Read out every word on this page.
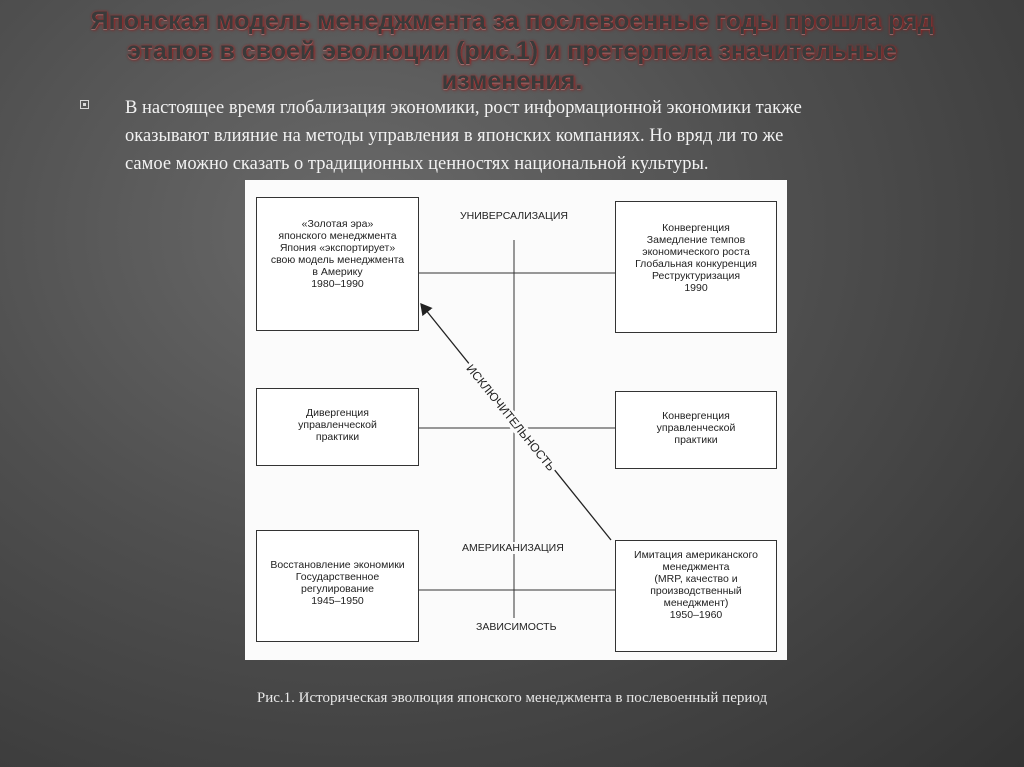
Японская модель менеджмента за послевоенные годы прошла ряд
этапов в своей эволюции (рис.1) и претерпела значительные
изменения.
В настоящее время глобализация экономики, рост информационной экономики также
оказывают влияние на методы управления в японских компаниях. Но вряд ли то же
самое можно сказать о традиционных ценностях национальной культуры.
УНИВЕРСАЛИЗАЦИЯ
АМЕРИКАНИЗАЦИЯ
ЗАВИСИМОСТЬ
ИСКЛЮЧИТЕЛЬНОСТЬ
«Золотая эра»
японского менеджмента
Япония «экспортирует»
свою модель менеджмента
в Америку
1980–1990
Дивергенция
управленческой
практики
Восстановление экономики
Государственное
регулирование
1945–1950
Конвергенция
Замедление темпов
экономического роста
Глобальная конкуренция
Реструктуризация
1990
Конвергенция
управленческой
практики
Имитация американского
менеджмента
(MRP, качество и
производственный
менеджмент)
1950–1960
Рис.1. Историческая эволюция японского менеджмента в послевоенный период
